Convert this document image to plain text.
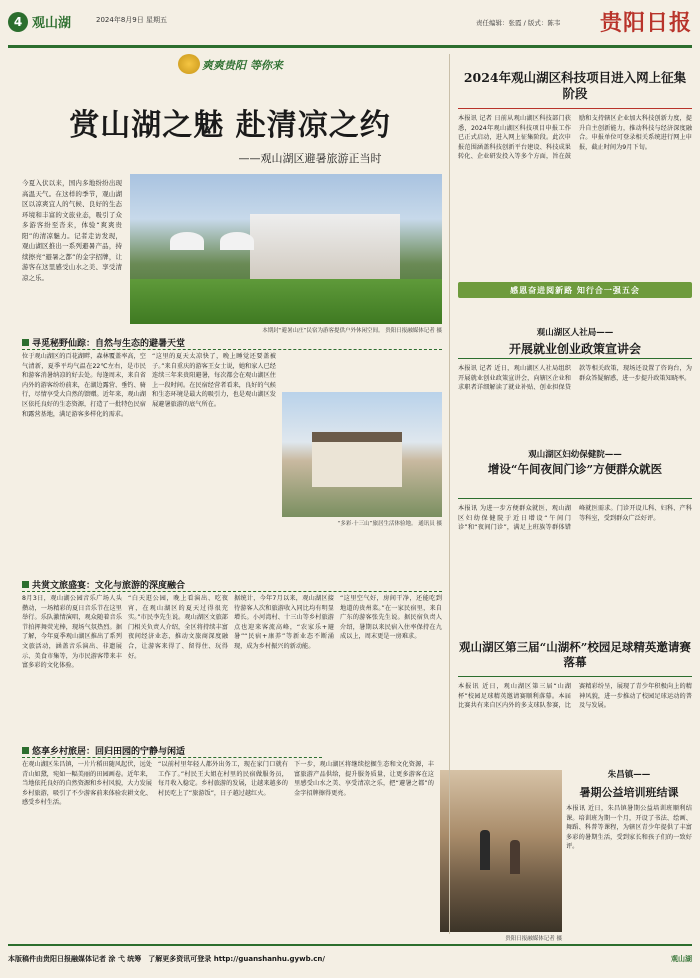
4 观山湖	2024年8月9日 星期五	责任编辑：张霞 / 版式：陈韦 贵阳日报
爽爽贵阳 等你来
赏山湖之魅 赴清凉之约
——观山湖区避暑旅游正当时
今夏入伏以来，国内多地纷纷出现高温天气。在这样的季节，观山湖区以凉爽宜人的气候、良好的生态环境和丰富的文旅业态，吸引了众多游客纷至沓来，体验“爽爽贵阳”的清凉魅力。记者走访发现，观山湖区推出一系列避暑产品，持续擦亮“避暑之都”的金字招牌，让游客在这里感受山水之美、享受清凉之乐。
本期封“避暑山庄”民宿为游客提供户外休闲空间。 贵阳日报融媒体记者 摄
寻觅秘野仙踪：自然与生态的避暑天堂
位于观山湖区的百花湖畔，森林覆盖率高，空气清新，夏季平均气温在22℃左右，是市民和游客消暑纳凉的好去处。每逢周末，来自省内外的游客纷纷前来，在湖边露营、垂钓、骑行，尽情享受大自然的馈赠。近年来，观山湖区依托良好的生态资源，打造了一批特色民宿和露营基地，满足游客多样化的需求。
“这里的夏天太凉快了，晚上睡觉还要盖被子。”来自重庆的游客王女士说，她和家人已经连续三年来贵阳避暑，每次都会在观山湖区住上一段时间。在民宿经营者看来，良好的气候和生态环境是最大的吸引力，也是观山湖区发展避暑旅游的底气所在。
“多彩·十三山”旅居生活体验地。 通讯员 摄
共赏文旅盛宴：文化与旅游的深度融合
8月3日，观山湖公园音乐广场人头攒动，一场精彩的夏日音乐节在这里举行。乐队激情演唱，观众随着音乐节拍挥舞荧光棒，现场气氛热烈。据了解，今年夏季观山湖区推出了系列文旅活动，涵盖音乐演出、非遗展示、美食市集等，为市民游客带来丰富多彩的文化体验。
“白天逛公园，晚上看演出、吃夜宵，在观山湖区的夏天过得很充实。”市民李先生说。观山湖区文旅部门相关负责人介绍，全区将持续丰富夜间经济业态，推动文旅商深度融合，让游客来得了、留得住、玩得好。
据统计，今年7月以来，观山湖区接待游客人次和旅游收入同比均有明显增长。小河湾村、十三山等乡村旅游点也迎来客流高峰，“农家乐+避暑”“民宿+康养”等新业态不断涌现，成为乡村振兴的新动能。
“这里空气好，房间干净，还能吃到地道的贵州菜。”在一家民宿里，来自广东的游客张先生说。据民宿负责人介绍，暑期以来民宿入住率保持在九成以上，周末更是一房难求。
悠享乡村旅居：回归田园的宁静与闲适
在观山湖区朱昌镇，一片片稻田随风起伏，远处青山如黛，宛如一幅美丽的田园画卷。近年来，当地依托良好的自然资源和乡村风貌，大力发展乡村旅游，吸引了不少游客前来体验农耕文化、感受乡村生活。
“以前村里年轻人都外出务工，现在家门口就有工作了。”村民王大姐在村里的民宿做服务员，每月收入稳定。乡村旅游的发展，让越来越多的村民吃上了“旅游饭”，日子越过越红火。
下一步，观山湖区将继续挖掘生态和文化资源，丰富旅游产品供给，提升服务质量，让更多游客在这里感受山水之美、享受清凉之乐，把“避暑之都”的金字招牌擦得更亮。
贵阳日报融媒体记者 摄
2024年观山湖区科技项目进入网上征集阶段
本报讯 记者 日前从观山湖区科技部门获悉，2024年观山湖区科技项目申报工作已正式启动，进入网上征集阶段。此次申报范围涵盖科技创新平台建设、科技成果转化、企业研发投入等多个方面，旨在鼓励和支持辖区企业加大科技创新力度，提升自主创新能力，推动科技与经济深度融合。申报单位可登录相关系统进行网上申报，截止时间为9月下旬。
感恩奋进阅新路 知行合一强五会
观山湖区人社局——
开展就业创业政策宣讲会
本报讯 记者 近日，观山湖区人社局组织开展就业创业政策宣讲会，向辖区企业和求职者详细解读了就业补贴、创业担保贷款等相关政策，现场还设置了咨询台，为群众答疑解惑，进一步提升政策知晓率。
观山湖区妇幼保健院——
增设“午间夜间门诊”方便群众就医
本报讯 为进一步方便群众就医，观山湖区妇幼保健院于近日增设“午间门诊”和“夜间门诊”，满足上班族等群体错峰就医需求。门诊开设儿科、妇科、产科等科室，受到群众广泛好评。
观山湖区第三届“山湖杯”校园足球精英邀请赛落幕
本报讯 近日，观山湖区第三届“山湖杯”校园足球精英邀请赛顺利落幕。本届比赛共有来自区内外的多支球队参赛，比赛精彩纷呈，展现了青少年积极向上的精神风貌，进一步推动了校园足球运动的普及与发展。
朱昌镇——
暑期公益培训班结课
本报讯 近日，朱昌镇暑期公益培训班顺利结课。培训班为期一个月，开设了书法、绘画、舞蹈、科普等课程，为辖区青少年提供了丰富多彩的暑期生活，受到家长和孩子们的一致好评。
本版稿件由贵阳日报融媒体记者 涂 弋 统筹　了解更多资讯可登录 http://guanshanhu.gywb.cn/	观山湖
